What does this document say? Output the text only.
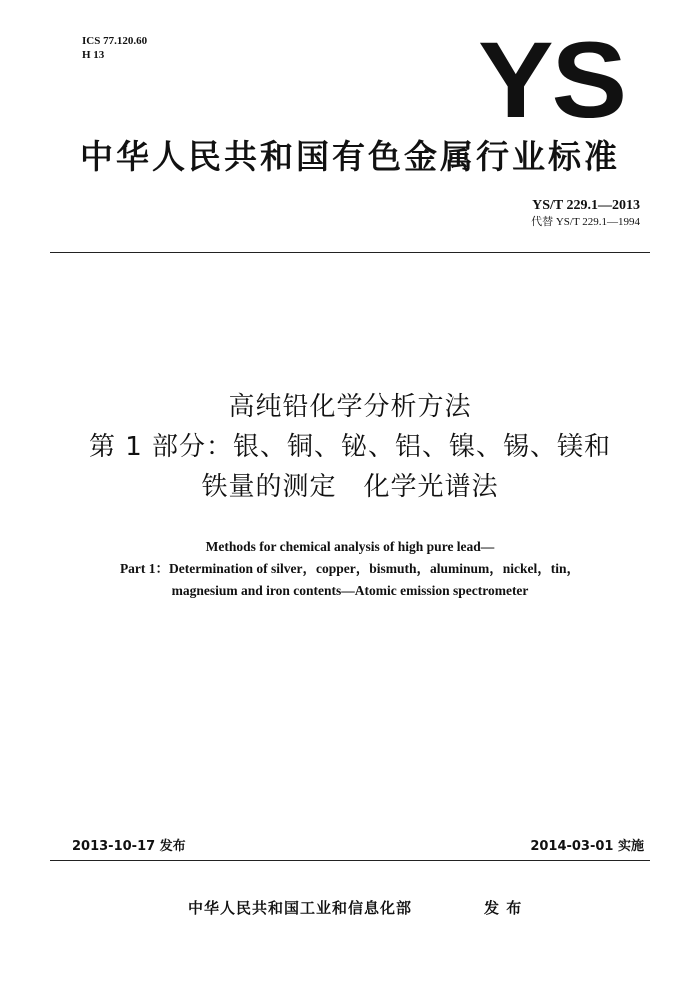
ICS 77.120.60
H 13	YS
中华人民共和国有色金属行业标准
YS/T 229.1—2013
代替 YS/T 229.1—1994
高纯铅化学分析方法
第 1 部分：银、铜、铋、铝、镍、锡、镁和
铁量的测定　化学光谱法
Methods for chemical analysis of high pure lead—
Part 1：Determination of silver，copper，bismuth，aluminum，nickel，tin，
magnesium and iron contents—Atomic emission spectrometer
2013-10-17 发布	2014-03-01 实施
中华人民共和国工业和信息化部	发 布
